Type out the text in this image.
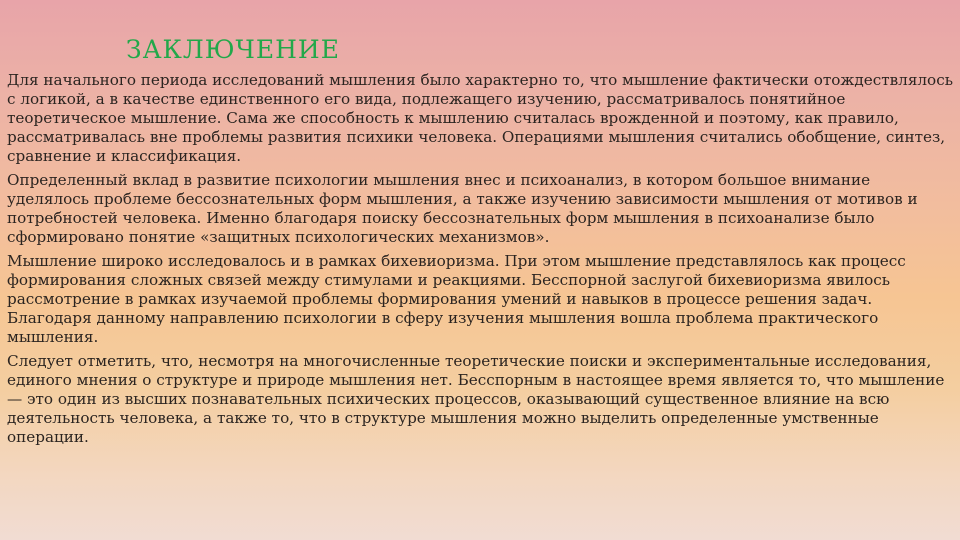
ЗАКЛЮЧЕНИЕ

Для начального периода исследований мышления было характерно то, что мышление фактически отождествлялось с логикой, а в качестве единственного его вида, подлежащего изучению, рассматривалось понятийное теоретическое мышление. Сама же способность к мышлению считалась врожденной и поэтому, как правило, рассматривалась вне проблемы развития психики человека. Операциями мышления считались обобщение, синтез, сравнение и классификация.

Определенный вклад в развитие психологии мышления внес и психоанализ, в котором большое внимание уделялось проблеме бессознательных форм мышления, а также изучению зависимости мышления от мотивов и потребностей человека. Именно благодаря поиску бессознательных форм мышления в психоанализе было сформировано понятие «защитных психологических механизмов».

Мышление широко исследовалось и в рамках бихевиоризма. При этом мышление представлялось как процесс формирования сложных связей между стимулами и реакциями. Бесспорной заслугой бихевиоризма явилось рассмотрение в рамках изучаемой проблемы формирования умений и навыков в процессе решения задач. Благодаря данному направлению психологии в сферу изучения мышления вошла проблема практического мышления.

Следует отметить, что, несмотря на многочисленные теоретические поиски и экспериментальные исследования, единого мнения о структуре и природе мышления нет. Бесспорным в настоящее время является то, что мышление — это один из высших познавательных психических процессов, оказывающий существенное влияние на всю деятельность человека, а также то, что в структуре мышления можно выделить определенные умственные операции.
